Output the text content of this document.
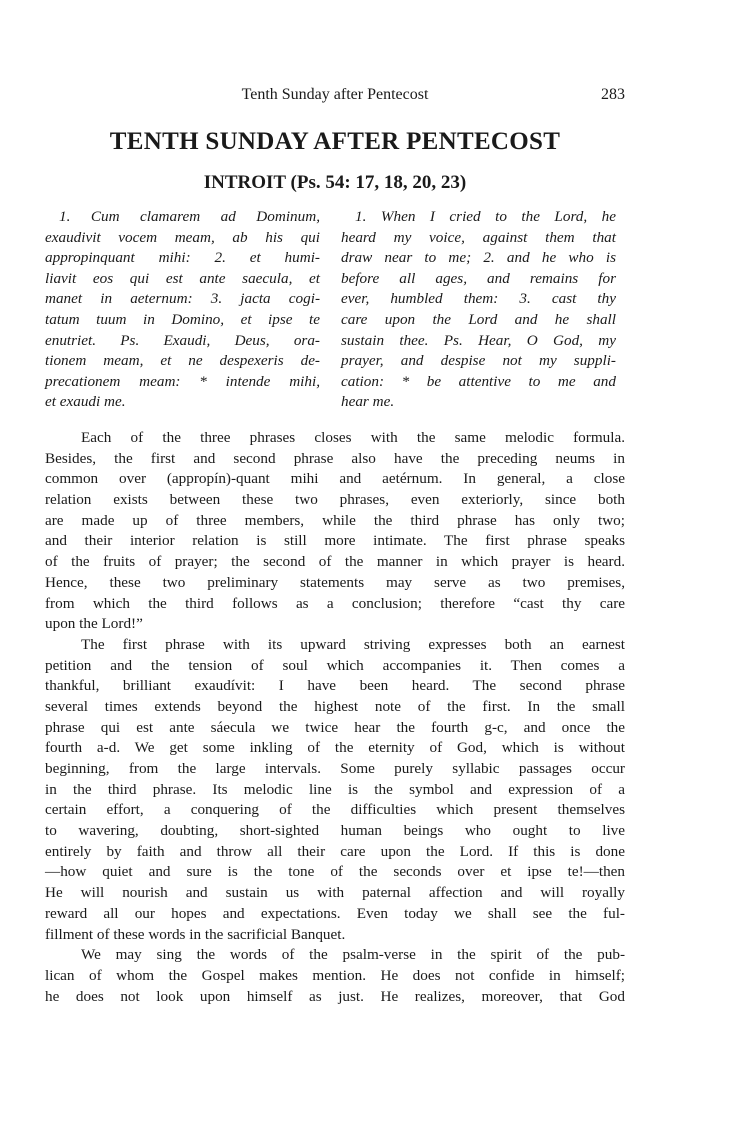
Tenth Sunday after Pentecost	283
TENTH SUNDAY AFTER PENTECOST
INTROIT (Ps. 54: 17, 18, 20, 23)
1. Cum clamarem ad Dominum,
exaudivit vocem meam, ab his qui
appropinquant mihi: 2. et humi-
liavit eos qui est ante saecula, et
manet in aeternum: 3. jacta cogi-
tatum tuum in Domino, et ipse te
enutriet. Ps. Exaudi, Deus, ora-
tionem meam, et ne despexeris de-
precationem meam: * intende mihi,
et exaudi me.
1. When I cried to the Lord, he
heard my voice, against them that
draw near to me; 2. and he who is
before all ages, and remains for
ever, humbled them: 3. cast thy
care upon the Lord and he shall
sustain thee. Ps. Hear, O God, my
prayer, and despise not my suppli-
cation: * be attentive to me and
hear me.
Each of the three phrases closes with the same melodic formula.
Besides, the first and second phrase also have the preceding neums in
common over (appropín)-quant mihi and aetérnum. In general, a close
relation exists between these two phrases, even exteriorly, since both
are made up of three members, while the third phrase has only two;
and their interior relation is still more intimate. The first phrase speaks
of the fruits of prayer; the second of the manner in which prayer is heard.
Hence, these two preliminary statements may serve as two premises,
from which the third follows as a conclusion; therefore “cast thy care
upon the Lord!”
The first phrase with its upward striving expresses both an earnest
petition and the tension of soul which accompanies it. Then comes a
thankful, brilliant exaudívit: I have been heard. The second phrase
several times extends beyond the highest note of the first. In the small
phrase qui est ante sáecula we twice hear the fourth g-c, and once the
fourth a-d. We get some inkling of the eternity of God, which is without
beginning, from the large intervals. Some purely syllabic passages occur
in the third phrase. Its melodic line is the symbol and expression of a
certain effort, a conquering of the difficulties which present themselves
to wavering, doubting, short-sighted human beings who ought to live
entirely by faith and throw all their care upon the Lord. If this is done
—how quiet and sure is the tone of the seconds over et ipse te!—then
He will nourish and sustain us with paternal affection and will royally
reward all our hopes and expectations. Even today we shall see the ful-
fillment of these words in the sacrificial Banquet.
We may sing the words of the psalm-verse in the spirit of the pub-
lican of whom the Gospel makes mention. He does not confide in himself;
he does not look upon himself as just. He realizes, moreover, that God
